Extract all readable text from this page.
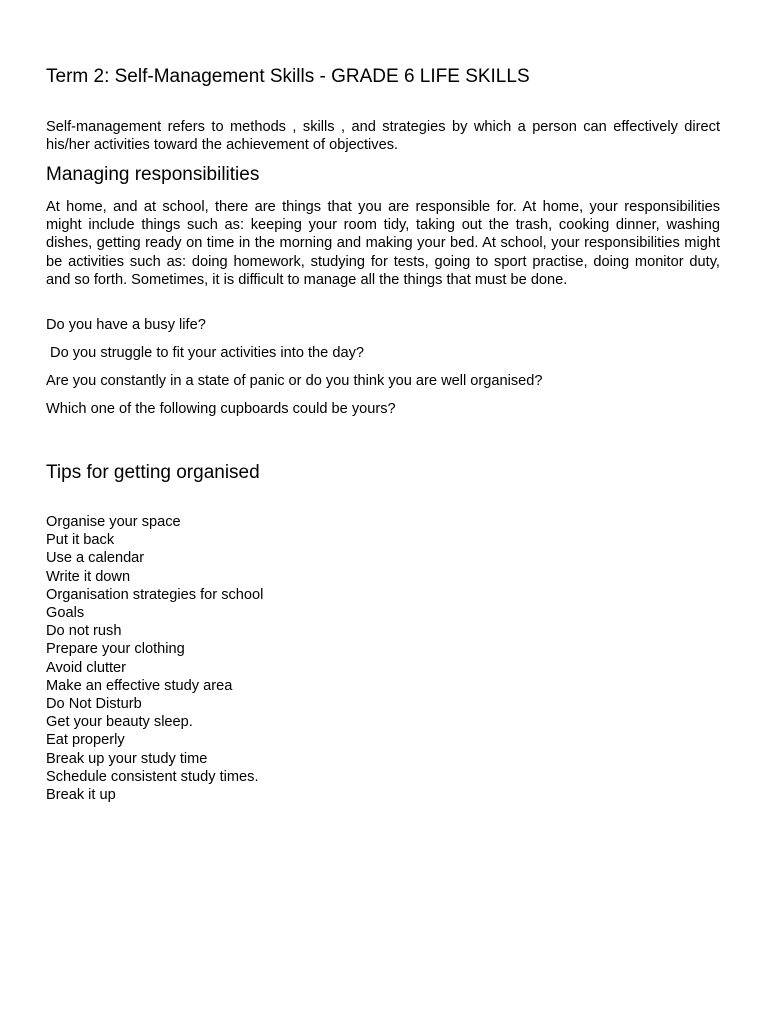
Term 2: Self-Management Skills - GRADE 6 LIFE SKILLS

Self-management refers to methods , skills , and strategies by which a person can effectively direct  his/her activities toward the achievement of objectives.

Managing responsibilities

At home, and at school, there are things that you are responsible for. At home, your responsibilities might include things such as: keeping your room tidy, taking out the trash, cooking dinner, washing dishes, getting ready on time in the morning and making your bed. At school, your responsibilities might be activities such as: doing homework, studying for tests, going to sport practise, doing monitor duty, and so forth. Sometimes, it is difficult to manage all the things that must be done.

Do you have a busy life?

Do you struggle to fit your activities into the day?

Are you constantly in a state of panic or do you think you are well organised?

Which one of the following cupboards could be yours?

Tips for getting organised
Organise your space
Put it back
Use a calendar
Write it down
Organisation strategies for school
Goals
Do not rush
Prepare your clothing
Avoid clutter
Make an effective study area
Do Not Disturb
Get your beauty sleep.
Eat properly
Break up your study time
Schedule consistent study times.
Break it up
